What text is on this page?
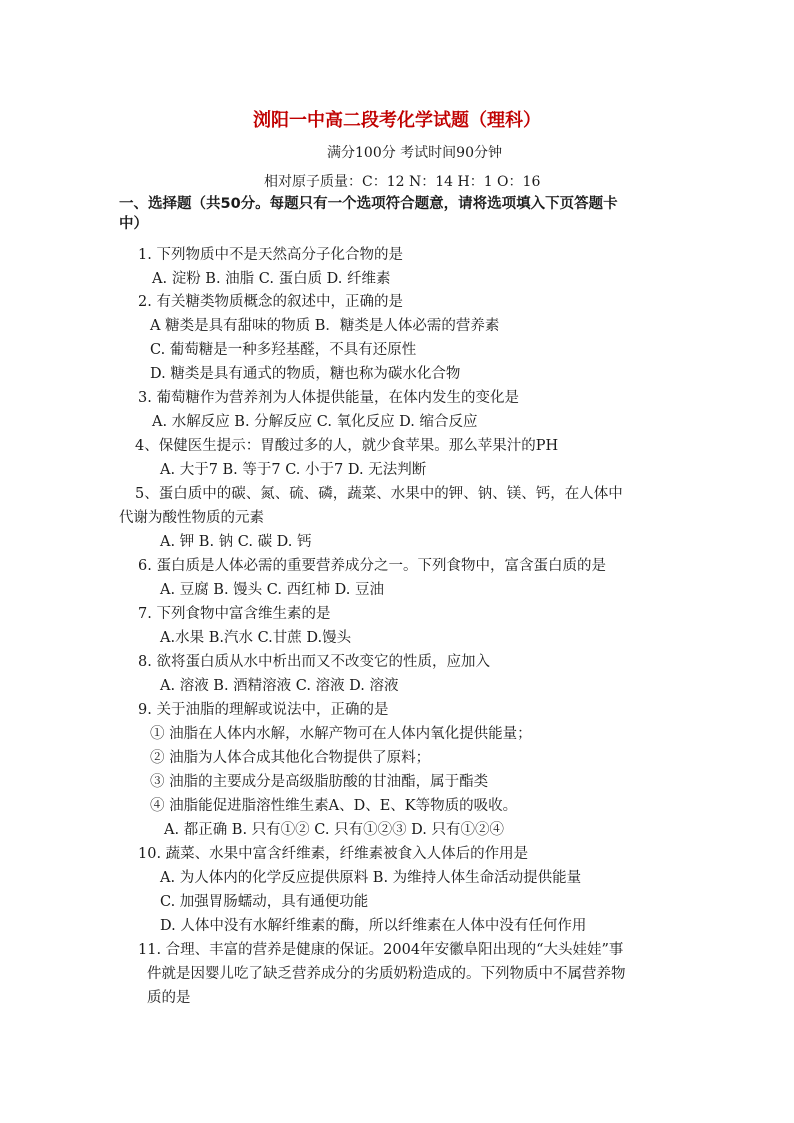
浏阳一中高二段考化学试题（理科）
满分100分 考试时间90分钟
相对原子质量：C：12 N：14 H：1 O：16
一、选择题（共50分。每题只有一个选项符合题意，请将选项填入下页答题卡
中）
1. 下列物质中不是天然高分子化合物的是
A. 淀粉 B. 油脂 C. 蛋白质 D. 纤维素
2. 有关糖类物质概念的叙述中，正确的是
A 糖类是具有甜味的物质 B．糖类是人体必需的营养素
C. 葡萄糖是一种多羟基醛，不具有还原性
D. 糖类是具有通式的物质，糖也称为碳水化合物
3. 葡萄糖作为营养剂为人体提供能量，在体内发生的变化是
A. 水解反应 B. 分解反应 C. 氧化反应 D. 缩合反应
4、保健医生提示：胃酸过多的人，就少食苹果。那么苹果汁的PH
A. 大于7 B. 等于7 C. 小于7 D. 无法判断
5、蛋白质中的碳、氮、硫、磷，蔬菜、水果中的钾、钠、镁、钙，在人体中
代谢为酸性物质的元素
A. 钾 B. 钠 C. 碳 D. 钙
6. 蛋白质是人体必需的重要营养成分之一。下列食物中，富含蛋白质的是
A. 豆腐 B. 馒头 C. 西红柿 D. 豆油
7. 下列食物中富含维生素的是
A.水果 B.汽水 C.甘蔗 D.馒头
8. 欲将蛋白质从水中析出而又不改变它的性质，应加入
A. 溶液 B. 酒精溶液 C. 溶液 D. 溶液
9. 关于油脂的理解或说法中，正确的是
① 油脂在人体内水解，水解产物可在人体内氧化提供能量；
② 油脂为人体合成其他化合物提供了原料；
③ 油脂的主要成分是高级脂肪酸的甘油酯，属于酯类
④ 油脂能促进脂溶性维生素A、D、E、K等物质的吸收。
A. 都正确 B. 只有①② C. 只有①②③ D. 只有①②④
10. 蔬菜、水果中富含纤维素，纤维素被食入人体后的作用是
A. 为人体内的化学反应提供原料 B. 为维持人体生命活动提供能量
C. 加强胃肠蠕动，具有通便功能
D. 人体中没有水解纤维素的酶，所以纤维素在人体中没有任何作用
11. 合理、丰富的营养是健康的保证。2004年安徽阜阳出现的“大头娃娃”事
件就是因婴儿吃了缺乏营养成分的劣质奶粉造成的。下列物质中不属营养物
质的是
